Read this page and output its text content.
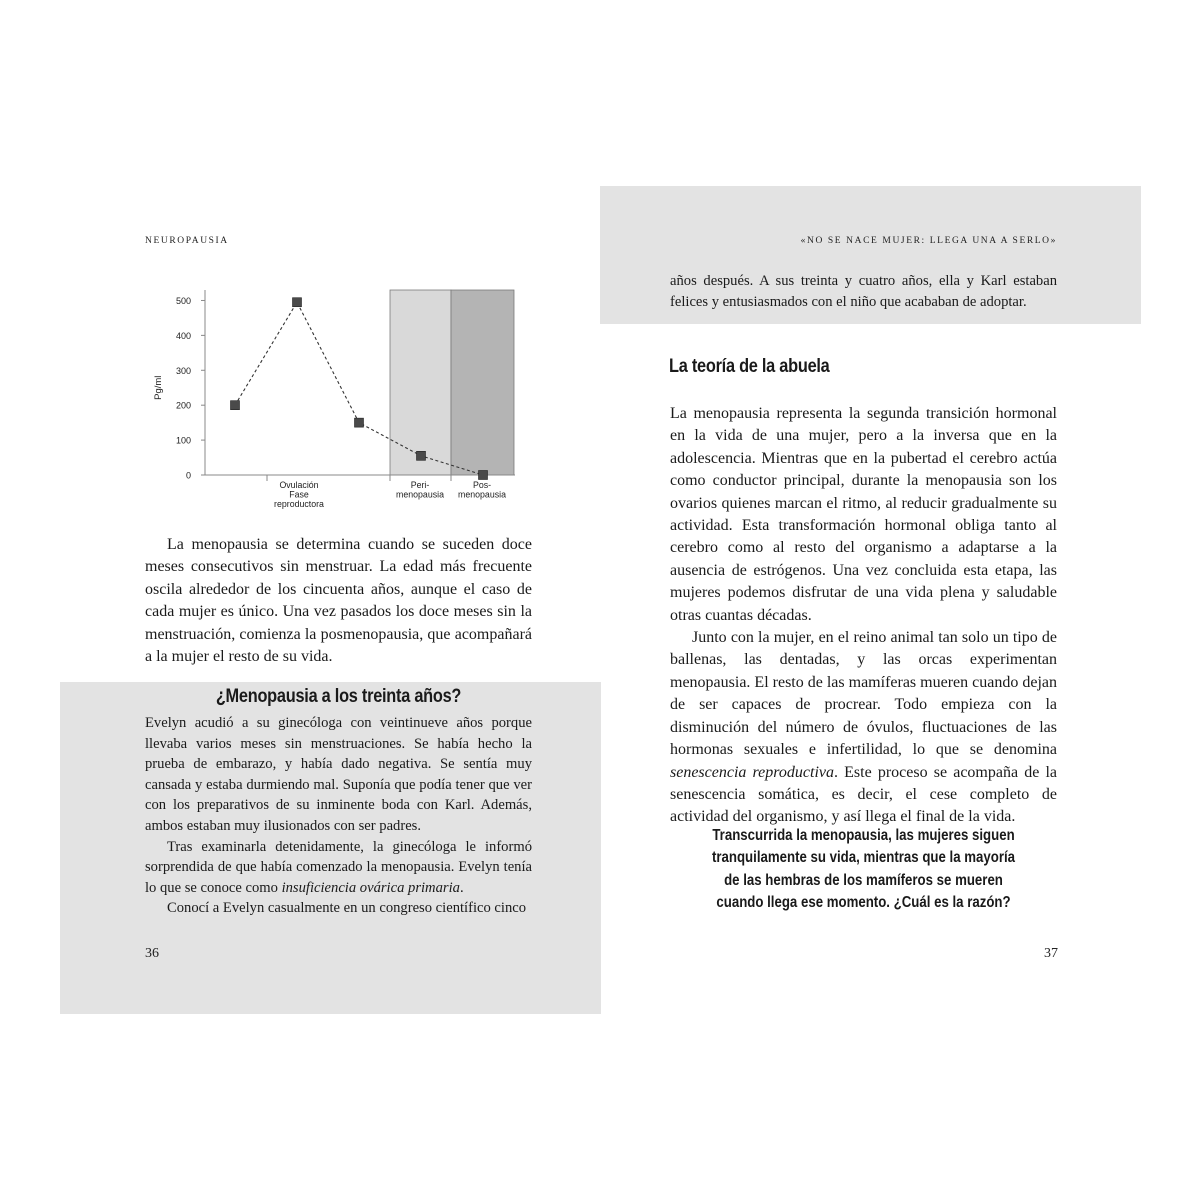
NEUROPAUSIA	«NO SE NACE MUJER: LLEGA UNA A SERLO»
0
100
200
300
400
500
Pg/ml
Ovulación
Fase
reproductora
Peri-
menopausia
Pos-
menopausia

La menopausia se determina cuando se suceden doce meses consecutivos sin menstruar. La edad más frecuente oscila alrededor de los cincuenta años, aunque el caso de cada mujer es único. Una vez pasados los doce meses sin la menstruación, comienza la posmenopausia, que acompañará a la mujer el resto de su vida.

¿Menopausia a los treinta años?

Evelyn acudió a su ginecóloga con veintinueve años porque llevaba varios meses sin menstruaciones. Se había hecho la prueba de embarazo, y había dado negativa. Se sentía muy cansada y estaba durmiendo mal. Suponía que podía tener que ver con los preparativos de su inminente boda con Karl. Además, ambos estaban muy ilusionados con ser padres.

Tras examinarla detenidamente, la ginecóloga le informó sorprendida de que había comenzado la menopausia. Evelyn tenía lo que se conoce como insuficiencia ovárica primaria.

Conocí a Evelyn casualmente en un congreso científico cinco

36

años después. A sus treinta y cuatro años, ella y Karl estaban felices y entusiasmados con el niño que acababan de adoptar.

La teoría de la abuela

La menopausia representa la segunda transición hormonal en la vida de una mujer, pero a la inversa que en la adolescencia. Mientras que en la pubertad el cerebro actúa como conductor principal, durante la menopausia son los ovarios quienes marcan el ritmo, al reducir gradualmente su actividad. Esta transformación hormonal obliga tanto al cerebro como al resto del organismo a adaptarse a la ausencia de estrógenos. Una vez concluida esta etapa, las mujeres podemos disfrutar de una vida plena y saludable otras cuantas décadas.

Junto con la mujer, en el reino animal tan solo un tipo de ballenas, las dentadas, y las orcas experimentan menopausia. El resto de las mamíferas mueren cuando dejan de ser capaces de procrear. Todo empieza con la disminución del número de óvulos, fluctuaciones de las hormonas sexuales e infertilidad, lo que se denomina senescencia reproductiva. Este proceso se acompaña de la senescencia somática, es decir, el cese completo de actividad del organismo, y así llega el final de la vida.

Transcurrida la menopausia, las mujeres siguen
tranquilamente su vida, mientras que la mayoría
de las hembras de los mamíferos se mueren
cuando llega ese momento. ¿Cuál es la razón?
37
